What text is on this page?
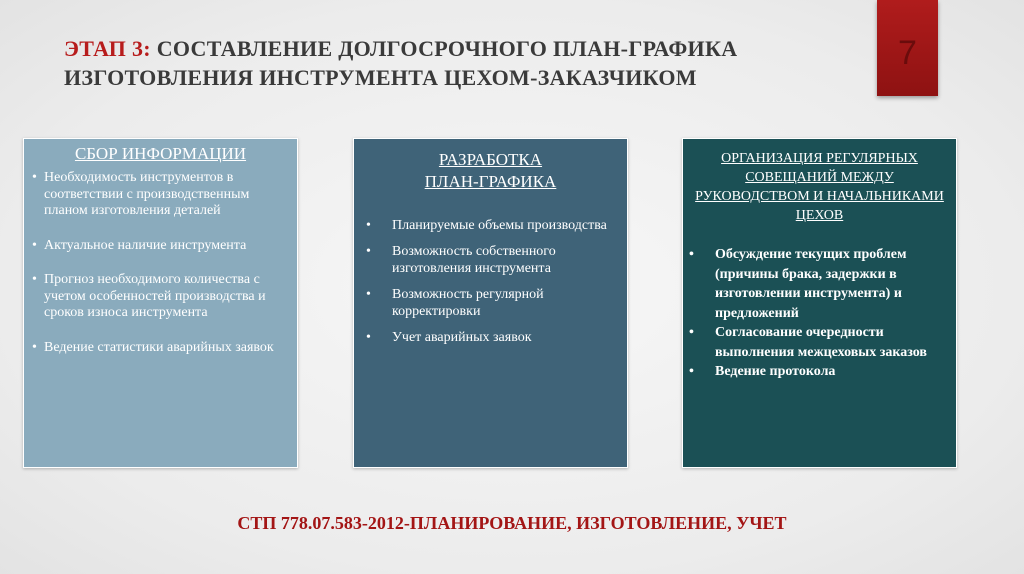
7
ЭТАП 3: СОСТАВЛЕНИЕ ДОЛГОСРОЧНОГО ПЛАН-ГРАФИКА
ИЗГОТОВЛЕНИЯ ИНСТРУМЕНТА ЦЕХОМ-ЗАКАЗЧИКОМ
СБОР ИНФОРМАЦИИ
• Необходимость инструментов в соответствии с производственным планом изготовления деталей
• Актуальное наличие инструмента
• Прогноз необходимого количества с учетом особенностей производства и сроков износа инструмента
• Ведение статистики аварийных заявок
РАЗРАБОТКА
ПЛАН-ГРАФИКА
• Планируемые объемы производства
• Возможность собственного изготовления инструмента
• Возможность регулярной корректировки
• Учет аварийных заявок
ОРГАНИЗАЦИЯ РЕГУЛЯРНЫХ СОВЕЩАНИЙ МЕЖДУ РУКОВОДСТВОМ И НАЧАЛЬНИКАМИ ЦЕХОВ
• Обсуждение текущих проблем (причины брака, задержки в изготовлении инструмента) и предложений
• Согласование очередности выполнения межцеховых заказов
• Ведение протокола
СТП 778.07.583-2012-ПЛАНИРОВАНИЕ, ИЗГОТОВЛЕНИЕ, УЧЕТ
